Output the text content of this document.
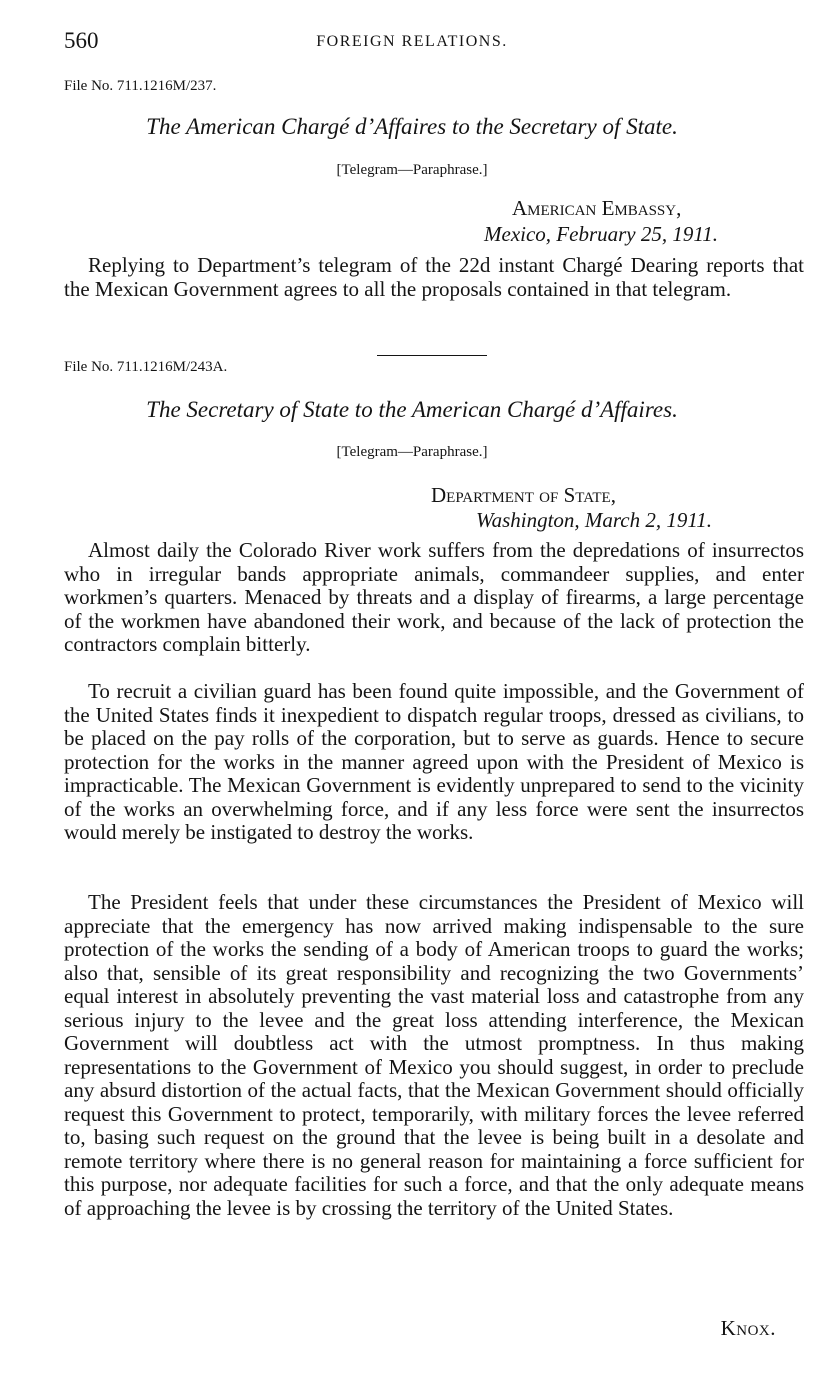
560	FOREIGN RELATIONS.
File No. 711.1216M/237.
The American Chargé d’Affaires to the Secretary of State.
[Telegram—Paraphrase.]
American Embassy,
Mexico, February 25, 1911.
Replying to Department’s telegram of the 22d instant Chargé Dearing reports that the Mexican Government agrees to all the proposals contained in that telegram.
File No. 711.1216M/243A.
The Secretary of State to the American Chargé d’Affaires.
[Telegram—Paraphrase.]
Department of State,
Washington, March 2, 1911.
Almost daily the Colorado River work suffers from the depredations of insurrectos who in irregular bands appropriate animals, commandeer supplies, and enter workmen’s quarters. Menaced by threats and a display of firearms, a large percentage of the workmen have abandoned their work, and because of the lack of protection the contractors complain bitterly.
To recruit a civilian guard has been found quite impossible, and the Government of the United States finds it inexpedient to dispatch regular troops, dressed as civilians, to be placed on the pay rolls of the corporation, but to serve as guards. Hence to secure protection for the works in the manner agreed upon with the President of Mexico is impracticable. The Mexican Government is evidently unprepared to send to the vicinity of the works an overwhelming force, and if any less force were sent the insurrectos would merely be instigated to destroy the works.
The President feels that under these circumstances the President of Mexico will appreciate that the emergency has now arrived making indispensable to the sure protection of the works the sending of a body of American troops to guard the works; also that, sensible of its great responsibility and recognizing the two Governments’ equal interest in absolutely preventing the vast material loss and catastrophe from any serious injury to the levee and the great loss attending interference, the Mexican Government will doubtless act with the utmost promptness. In thus making representations to the Government of Mexico you should suggest, in order to preclude any absurd distortion of the actual facts, that the Mexican Government should officially request this Government to protect, temporarily, with military forces the levee referred to, basing such request on the ground that the levee is being built in a desolate and remote territory where there is no general reason for maintaining a force sufficient for this purpose, nor adequate facilities for such a force, and that the only adequate means of approaching the levee is by crossing the territory of the United States.
Knox.
